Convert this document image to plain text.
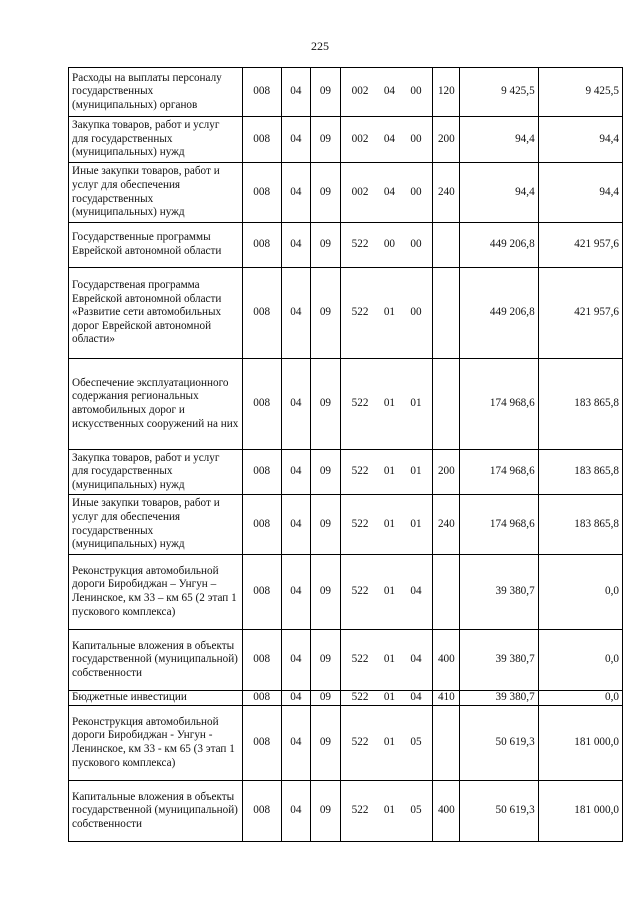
225
Расходы на выплаты персоналу государственных (муниципальных) органов	008	04	09	002 04 00	120	9 425,5	9 425,5
Закупка товаров, работ и услуг для государственных (муниципальных) нужд	008	04	09	002 04 00	200	94,4	94,4
Иные закупки товаров, работ и услуг для обеспечения государственных (муниципальных) нужд	008	04	09	002 04 00	240	94,4	94,4
Государственные программы Еврейской автономной области	008	04	09	522 00 00		449 206,8	421 957,6
Государственая программа Еврейской автономной области «Развитие сети автомобильных дорог Еврейской автономной области»	008	04	09	522 01 00		449 206,8	421 957,6
Обеспечение эксплуатационного содержания региональных автомобильных дорог и искусственных сооружений на них	008	04	09	522 01 01		174 968,6	183 865,8
Закупка товаров, работ и услуг для государственных (муниципальных) нужд	008	04	09	522 01 01	200	174 968,6	183 865,8
Иные закупки товаров, работ и услуг для обеспечения государственных (муниципальных) нужд	008	04	09	522 01 01	240	174 968,6	183 865,8
Реконструкция автомобильной дороги Биробиджан – Унгун – Ленинское, км 33 – км 65 (2 этап 1 пускового комплекса)	008	04	09	522 01 04		39 380,7	0,0
Капитальные вложения в объекты государственной (муниципальной) собственности	008	04	09	522 01 04	400	39 380,7	0,0
Бюджетные инвестиции	008	04	09	522 01 04	410	39 380,7	0,0
Реконструкция автомобильной дороги Биробиджан - Унгун - Ленинское, км 33 - км 65 (3 этап 1 пускового комплекса)	008	04	09	522 01 05		50 619,3	181 000,0
Капитальные вложения в объекты государственной (муниципальной) собственности	008	04	09	522 01 05	400	50 619,3	181 000,0
